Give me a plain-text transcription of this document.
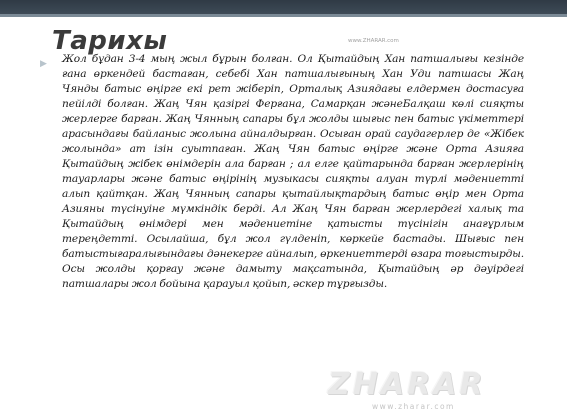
Тарихы	www.ZHARAR.com
▶ Жол бұдан 3-4 мың жыл бұрын болған. Ол Қытайдың Хан патшалығы кезінде ғана өркендей бастаған, себебі Хан патшалығының Хан Уди патшасы Жаң Чянды батыс өңірге екі рет жіберіп, Орталық Азиядағы елдермен достасуға пейілді болған. Жаң Чян қазіргі Ферғана, Самарқан жәнеБалқаш көлі сияқты жерлерге барған. Жаң Чянның сапары бұл жолды шығыс пен батыс үкіметтері арасындағы байланыс жолына айналдырған. Осыған орай саудагерлер де «Жібек жолында» ат ізін суытпаған. Жаң Чян батыс өңірге және Орта Азияға Қытайдың жібек өнімдерін ала барған ; ал елге қайтарында барған жерлерінің тауарлары және батыс өңірінің музыкасы сияқты алуан түрлі мәдениетті алып қайтқан. Жаң Чянның сапары қытайлықтардың батыс өңір мен Орта Азияны түсінуіне мүмкіндік берді. Ал Жаң Чян барған жерлердегі халық та Қытайдың өнімдері мен мәдениетіне қатысты түсінігін анағұрлым тереңдетті. Осылайша, бұл жол гүлденіп, көркейе бастады. Шығыс пен батыстығаралығындағы дәнекерге айналып, өркениеттерді өзара тоғыстырды. Осы жолды қорғау және дамыту мақсатында, Қытайдың әр дәуірдегі патшалары жол бойына қарауыл қойып, әскер тұрғызды.

ZHARAR
www.zharar.com
